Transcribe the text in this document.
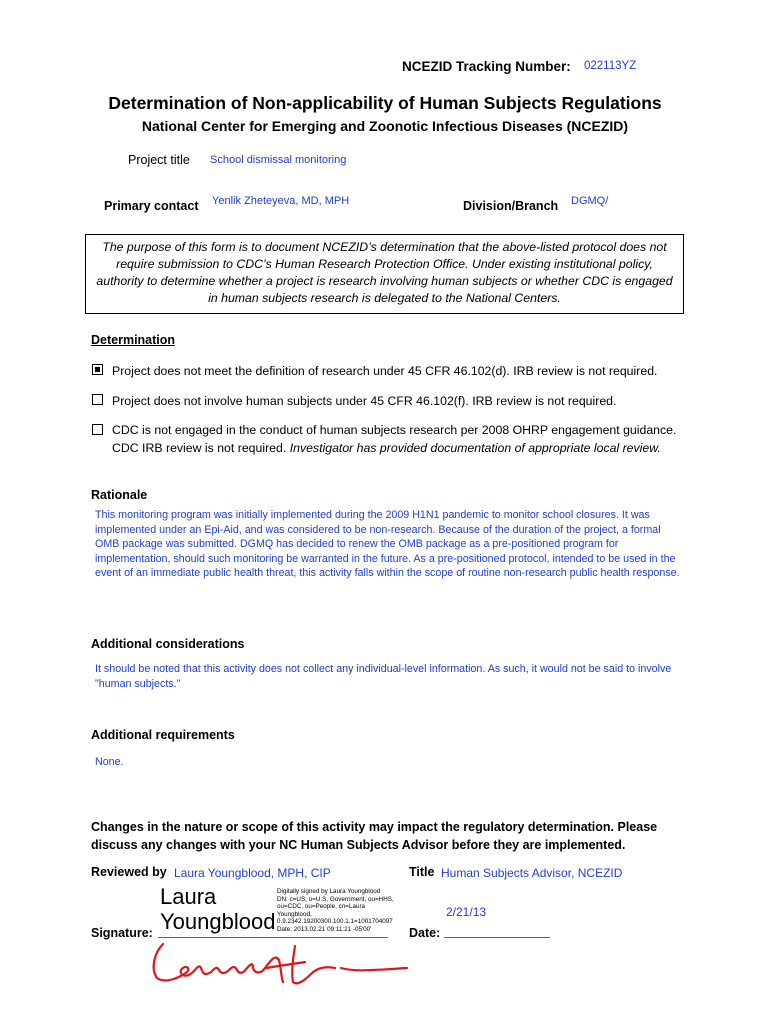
NCEZID Tracking Number: 022113YZ
Determination of Non-applicability of Human Subjects Regulations
National Center for Emerging and Zoonotic Infectious Diseases (NCEZID)
Project title School dismissal monitoring
Primary contact Yenlik Zheteyeva, MD, MPH	Division/Branch DGMQ/
The purpose of this form is to document NCEZID’s determination that the above-listed protocol does not require submission to CDC’s Human Research Protection Office. Under existing institutional policy, authority to determine whether a project is research involving human subjects or whether CDC is engaged in human subjects research is delegated to the National Centers.
Determination
Project does not meet the definition of research under 45 CFR 46.102(d). IRB review is not required.
Project does not involve human subjects under 45 CFR 46.102(f). IRB review is not required.
CDC is not engaged in the conduct of human subjects research per 2008 OHRP engagement guidance. CDC IRB review is not required. Investigator has provided documentation of appropriate local review.
Rationale
This monitoring program was initially implemented during the 2009 H1N1 pandemic to monitor school closures. It was implemented under an Epi-Aid, and was considered to be non-research. Because of the duration of the project, a formal OMB package was submitted. DGMQ has decided to renew the OMB package as a pre-positioned program for implementation, should such monitoring be warranted in the future. As a pre-positioned protocol, intended to be used in the event of an immediate public health threat, this activity falls within the scope of routine non-research public health response.
Additional considerations
It should be noted that this activity does not collect any individual-level information. As such, it would not be said to involve "human subjects."
Additional requirements
None.
Changes in the nature or scope of this activity may impact the regulatory determination. Please discuss any changes with your NC Human Subjects Advisor before they are implemented.
Reviewed by Laura Youngblood, MPH, CIP	Title Human Subjects Advisor, NCEZID
Signature:
Laura
Youngblood
Digitally signed by Laura Youngblood
DN: c=US, o=U.S. Government, ou=HHS,
ou=CDC, ou=People, cn=Laura
Youngblood,
0.9.2342.19200300.100.1.1=1001704097
Date: 2013.02.21 09:11:21 -05'00'
2/21/13
Date:
